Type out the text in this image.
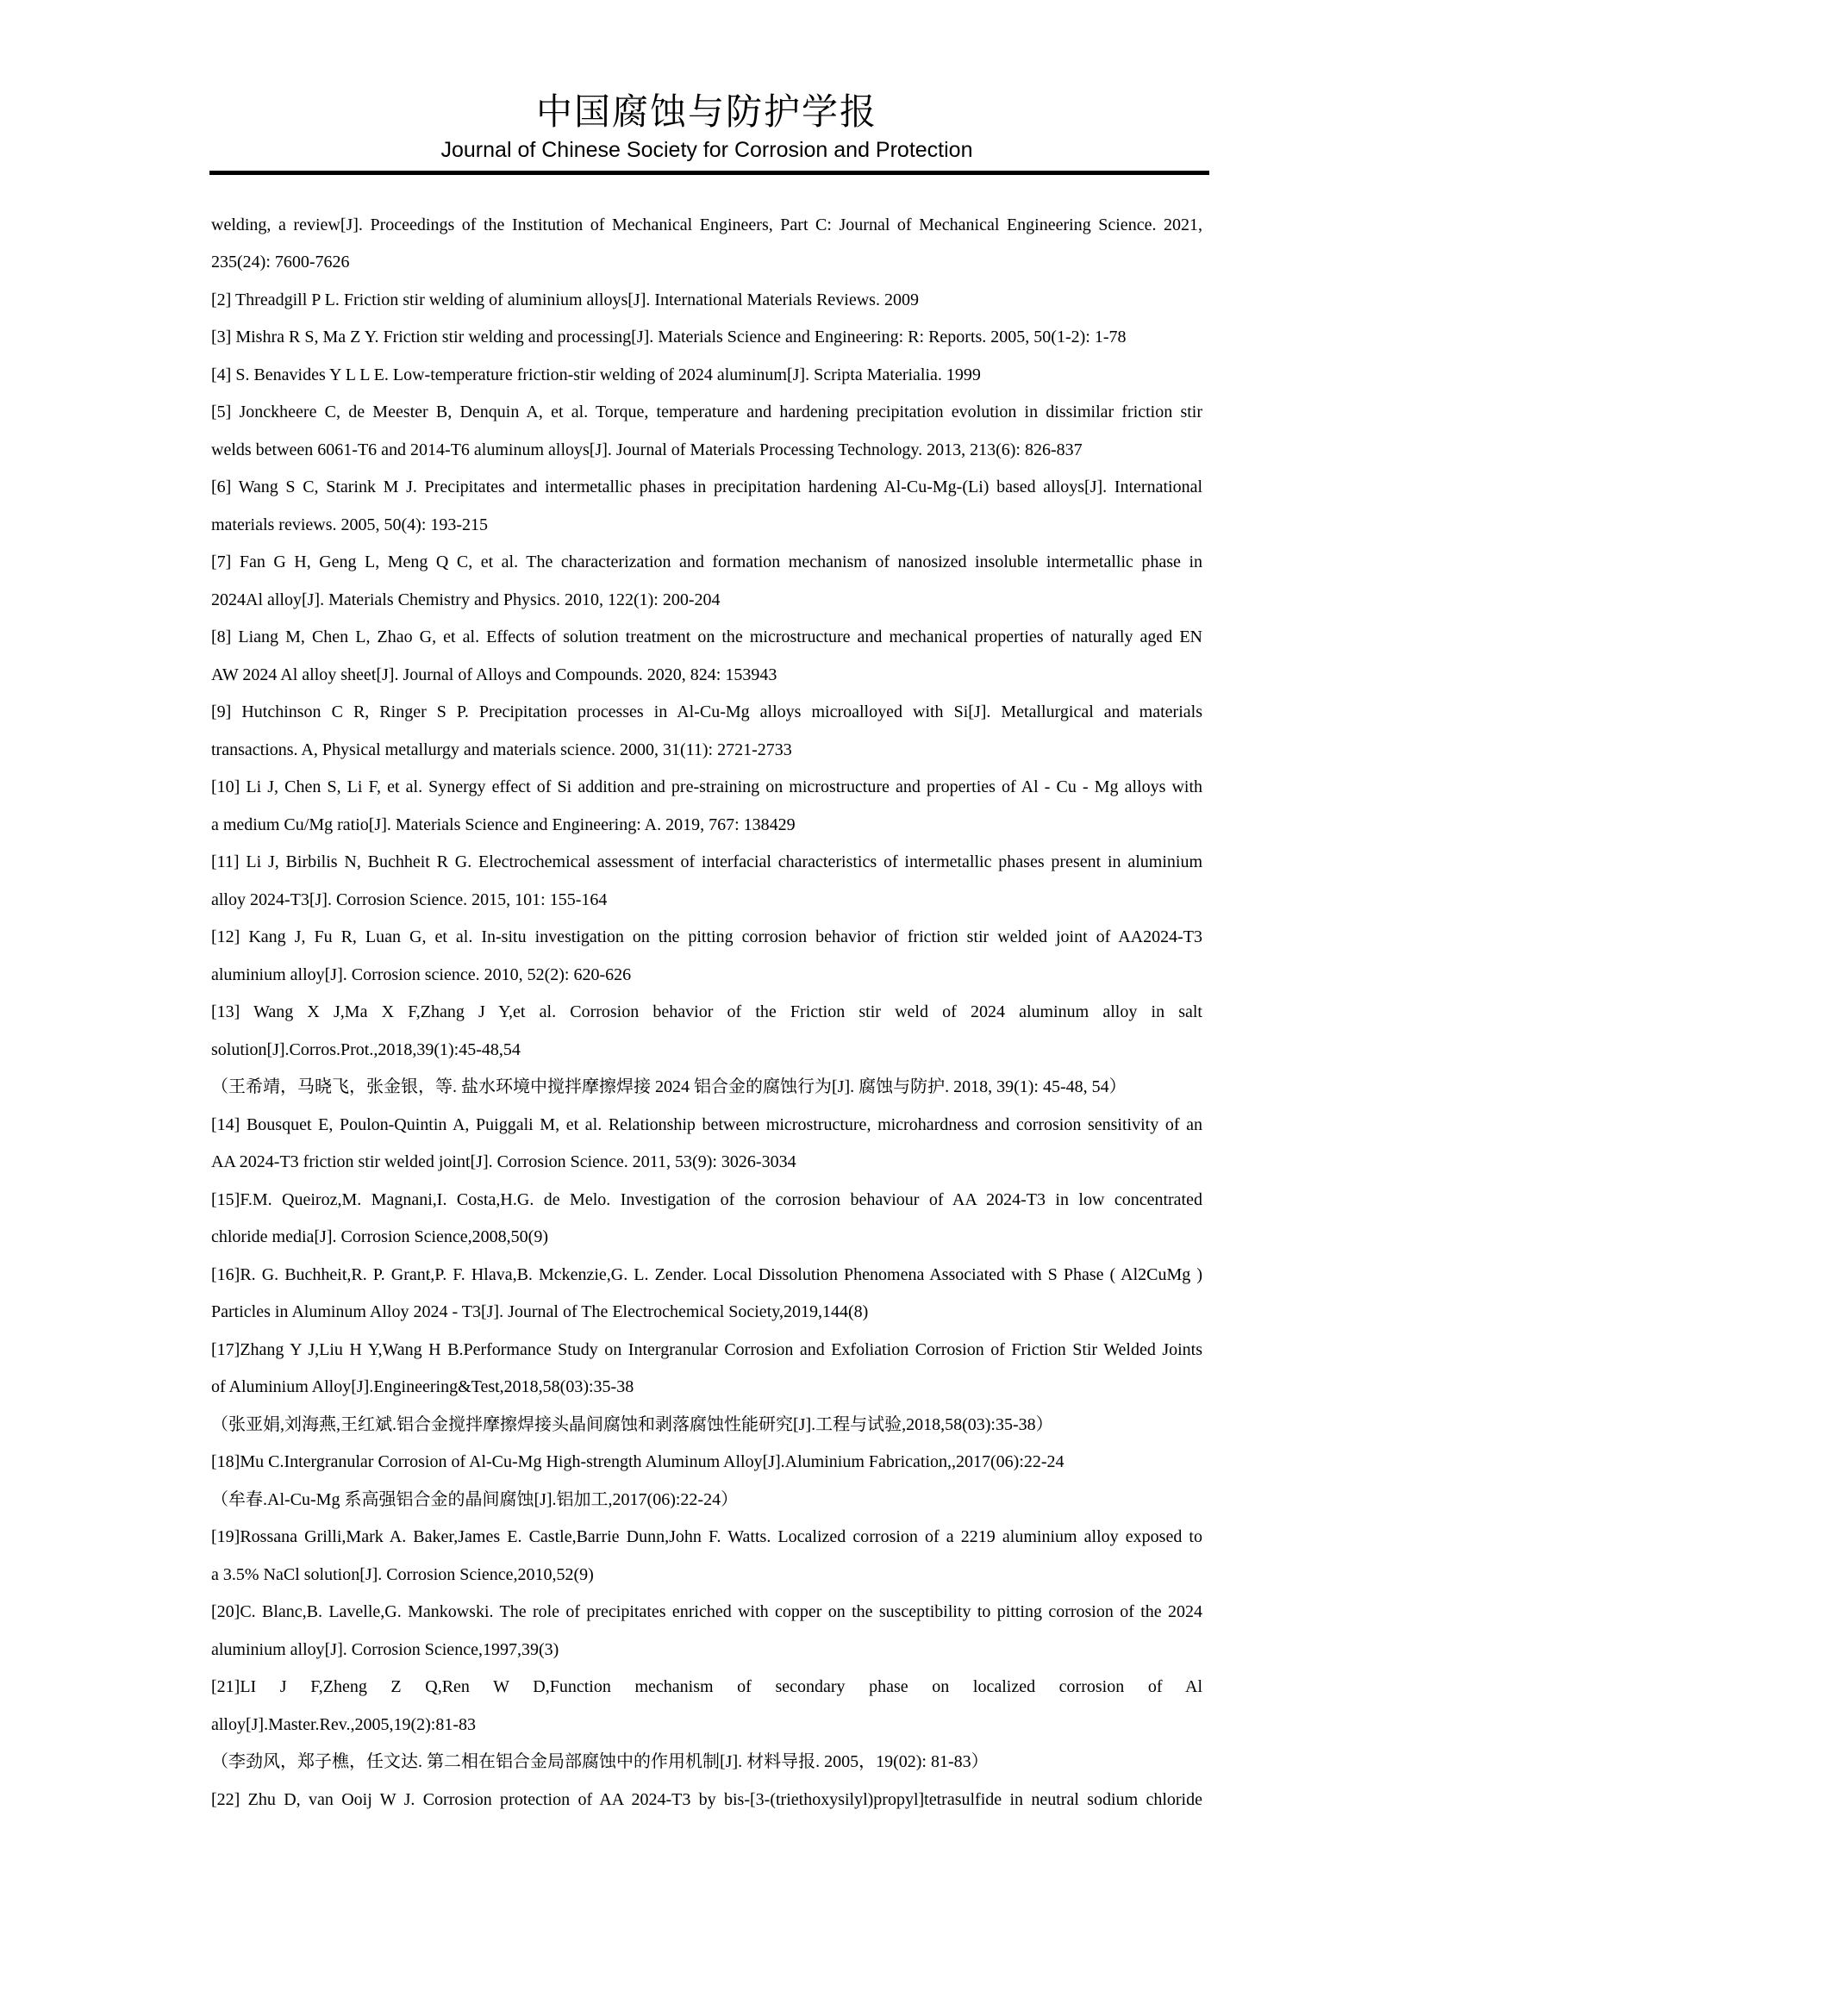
中国腐蚀与防护学报
Journal of Chinese Society for Corrosion and Protection

welding, a review[J]. Proceedings of the Institution of Mechanical Engineers, Part C: Journal of Mechanical Engineering Science. 2021,

235(24): 7600-7626

[2] Threadgill P L. Friction stir welding of aluminium alloys[J]. International Materials Reviews. 2009

[3] Mishra R S, Ma Z Y. Friction stir welding and processing[J]. Materials Science and Engineering: R: Reports. 2005, 50(1-2): 1-78

[4] S. Benavides Y L L E. Low-temperature friction-stir welding of 2024 aluminum[J]. Scripta Materialia. 1999

[5] Jonckheere C, de Meester B, Denquin A, et al. Torque, temperature and hardening precipitation evolution in dissimilar friction stir

welds between 6061-T6 and 2014-T6 aluminum alloys[J]. Journal of Materials Processing Technology. 2013, 213(6): 826-837

[6] Wang S C, Starink M J. Precipitates and intermetallic phases in precipitation hardening Al-Cu-Mg-(Li) based alloys[J]. International

materials reviews. 2005, 50(4): 193-215

[7] Fan G H, Geng L, Meng Q C, et al. The characterization and formation mechanism of nanosized insoluble intermetallic phase in

2024Al alloy[J]. Materials Chemistry and Physics. 2010, 122(1): 200-204

[8] Liang M, Chen L, Zhao G, et al. Effects of solution treatment on the microstructure and mechanical properties of naturally aged EN

AW 2024 Al alloy sheet[J]. Journal of Alloys and Compounds. 2020, 824: 153943

[9] Hutchinson C R, Ringer S P. Precipitation processes in Al-Cu-Mg alloys microalloyed with Si[J]. Metallurgical and materials

transactions. A, Physical metallurgy and materials science. 2000, 31(11): 2721-2733

[10] Li J, Chen S, Li F, et al. Synergy effect of Si addition and pre-straining on microstructure and properties of Al - Cu - Mg alloys with

a medium Cu/Mg ratio[J]. Materials Science and Engineering: A. 2019, 767: 138429

[11] Li J, Birbilis N, Buchheit R G. Electrochemical assessment of interfacial characteristics of intermetallic phases present in aluminium

alloy 2024-T3[J]. Corrosion Science. 2015, 101: 155-164

[12] Kang J, Fu R, Luan G, et al. In-situ investigation on the pitting corrosion behavior of friction stir welded joint of AA2024-T3

aluminium alloy[J]. Corrosion science. 2010, 52(2): 620-626

[13] Wang X J,Ma X F,Zhang J Y,et al. Corrosion behavior of the Friction stir weld of 2024 aluminum alloy in salt

solution[J].Corros.Prot.,2018,39(1):45-48,54

（王希靖，马晓飞，张金银，等. 盐水环境中搅拌摩擦焊接 2024 铝合金的腐蚀行为[J]. 腐蚀与防护. 2018, 39(1): 45-48, 54）

[14] Bousquet E, Poulon-Quintin A, Puiggali M, et al. Relationship between microstructure, microhardness and corrosion sensitivity of an

AA 2024-T3 friction stir welded joint[J]. Corrosion Science. 2011, 53(9): 3026-3034

[15]F.M. Queiroz,M. Magnani,I. Costa,H.G. de Melo. Investigation of the corrosion behaviour of AA 2024-T3 in low concentrated

chloride media[J]. Corrosion Science,2008,50(9)

[16]R. G. Buchheit,R. P. Grant,P. F. Hlava,B. Mckenzie,G. L. Zender. Local Dissolution Phenomena Associated with S Phase ( Al2CuMg )

Particles in Aluminum Alloy 2024 - T3[J]. Journal of The Electrochemical Society,2019,144(8)

[17]Zhang Y J,Liu H Y,Wang H B.Performance Study on Intergranular Corrosion and Exfoliation Corrosion of Friction Stir Welded Joints

of Aluminium Alloy[J].Engineering&Test,2018,58(03):35-38

（张亚娟,刘海燕,王红斌.铝合金搅拌摩擦焊接头晶间腐蚀和剥落腐蚀性能研究[J].工程与试验,2018,58(03):35-38）

[18]Mu C.Intergranular Corrosion of Al-Cu-Mg High-strength Aluminum Alloy[J].Aluminium Fabrication,,2017(06):22-24

（牟春.Al-Cu-Mg 系高强铝合金的晶间腐蚀[J].铝加工,2017(06):22-24）

[19]Rossana Grilli,Mark A. Baker,James E. Castle,Barrie Dunn,John F. Watts. Localized corrosion of a 2219 aluminium alloy exposed to

a 3.5% NaCl solution[J]. Corrosion Science,2010,52(9)

[20]C. Blanc,B. Lavelle,G. Mankowski. The role of precipitates enriched with copper on the susceptibility to pitting corrosion of the 2024

aluminium alloy[J]. Corrosion Science,1997,39(3)

[21]LI J F,Zheng Z Q,Ren W D,Function mechanism of secondary phase on localized corrosion of Al

alloy[J].Master.Rev.,2005,19(2):81-83

（李劲风，郑子樵，任文达. 第二相在铝合金局部腐蚀中的作用机制[J]. 材料导报. 2005，19(02): 81-83）

[22] Zhu D, van Ooij W J. Corrosion protection of AA 2024-T3 by bis-[3-(triethoxysilyl)propyl]tetrasulfide in neutral sodium chloride
